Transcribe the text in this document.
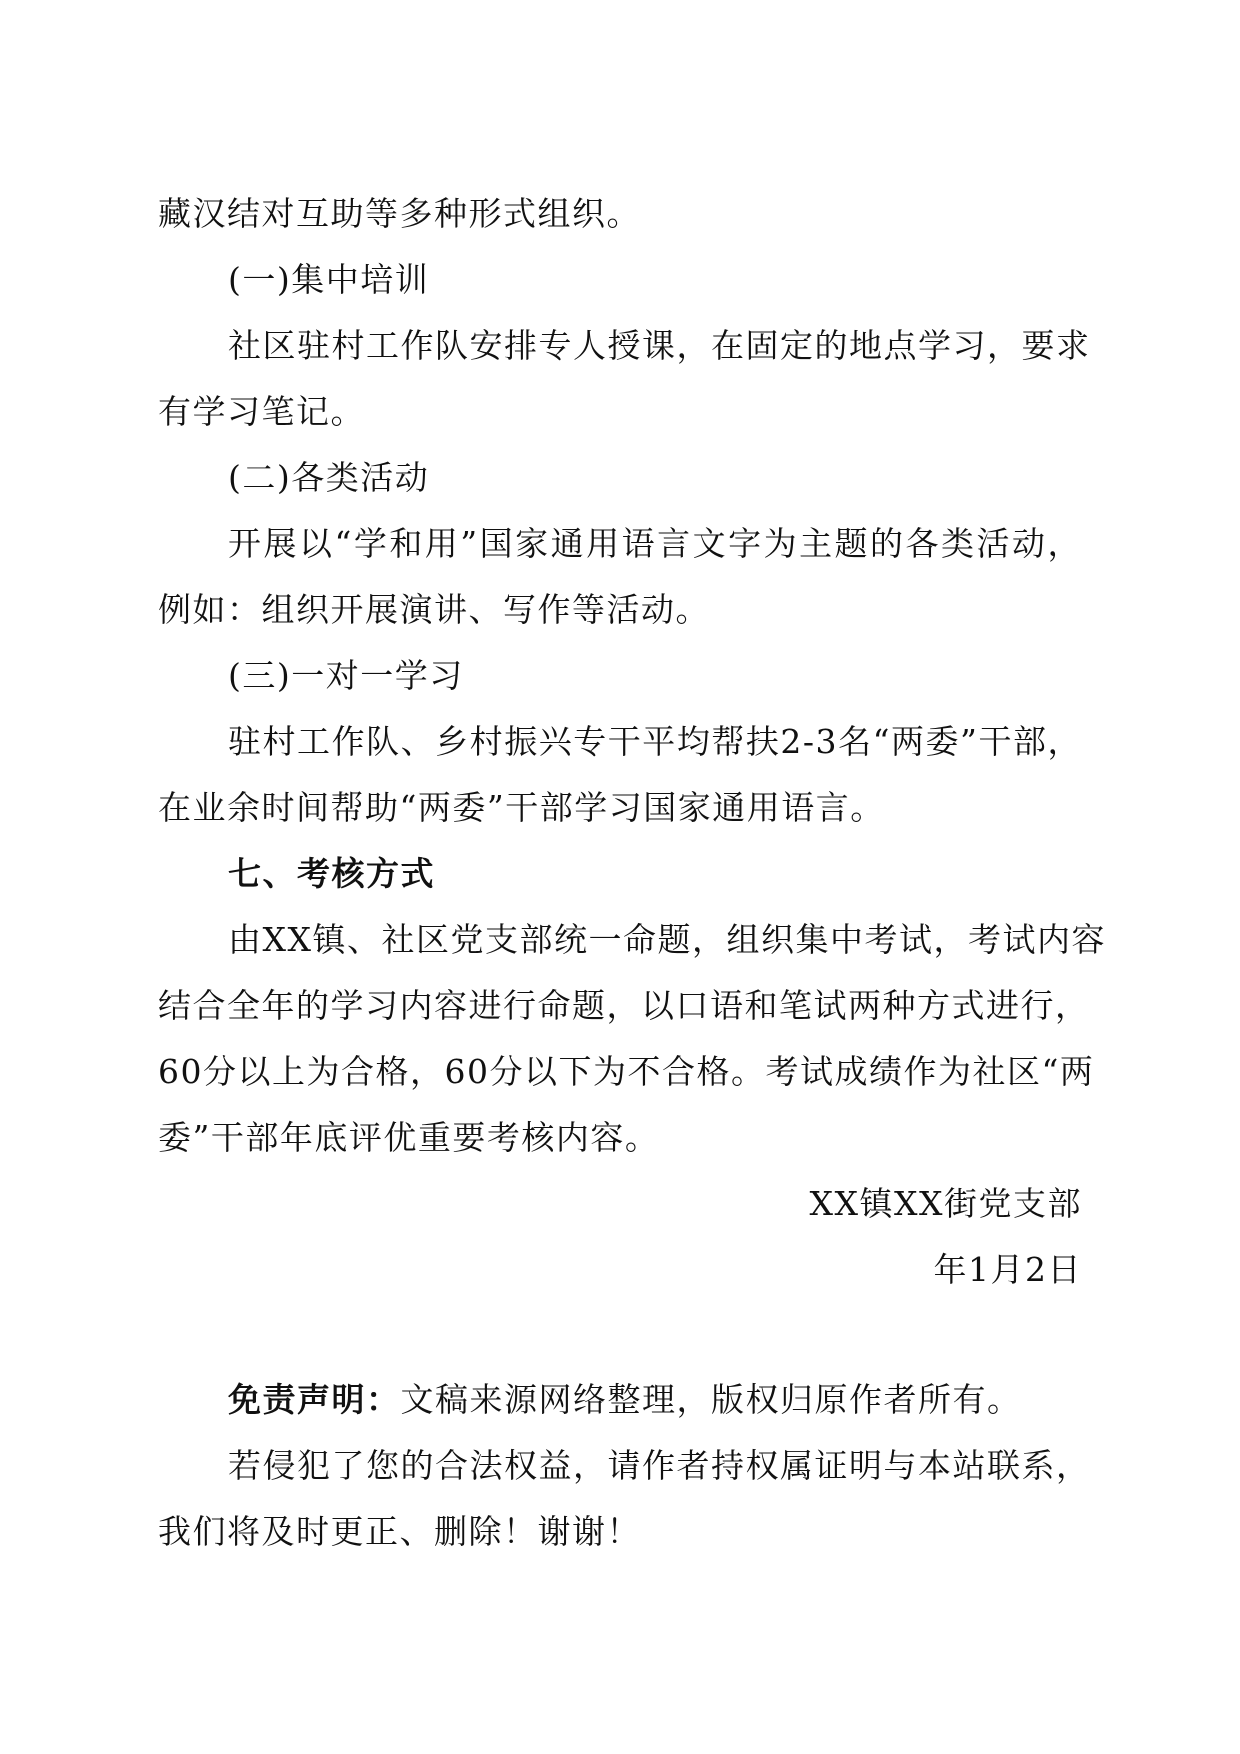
藏汉结对互助等多种形式组织。
(一)集中培训
社区驻村工作队安排专人授课，在固定的地点学习，要求
有学习笔记。
(二)各类活动
开展以“学和用”国家通用语言文字为主题的各类活动，
例如：组织开展演讲、写作等活动。
(三)一对一学习
驻村工作队、乡村振兴专干平均帮扶2-3名“两委”干部，
在业余时间帮助“两委”干部学习国家通用语言。
七、考核方式
由XX镇、社区党支部统一命题，组织集中考试，考试内容
结合全年的学习内容进行命题，以口语和笔试两种方式进行，
60分以上为合格，60分以下为不合格。考试成绩作为社区“两
委”干部年底评优重要考核内容。
XX镇XX街党支部
年1月2日
免责声明：文稿来源网络整理，版权归原作者所有。
若侵犯了您的合法权益，请作者持权属证明与本站联系，
我们将及时更正、删除！谢谢！
